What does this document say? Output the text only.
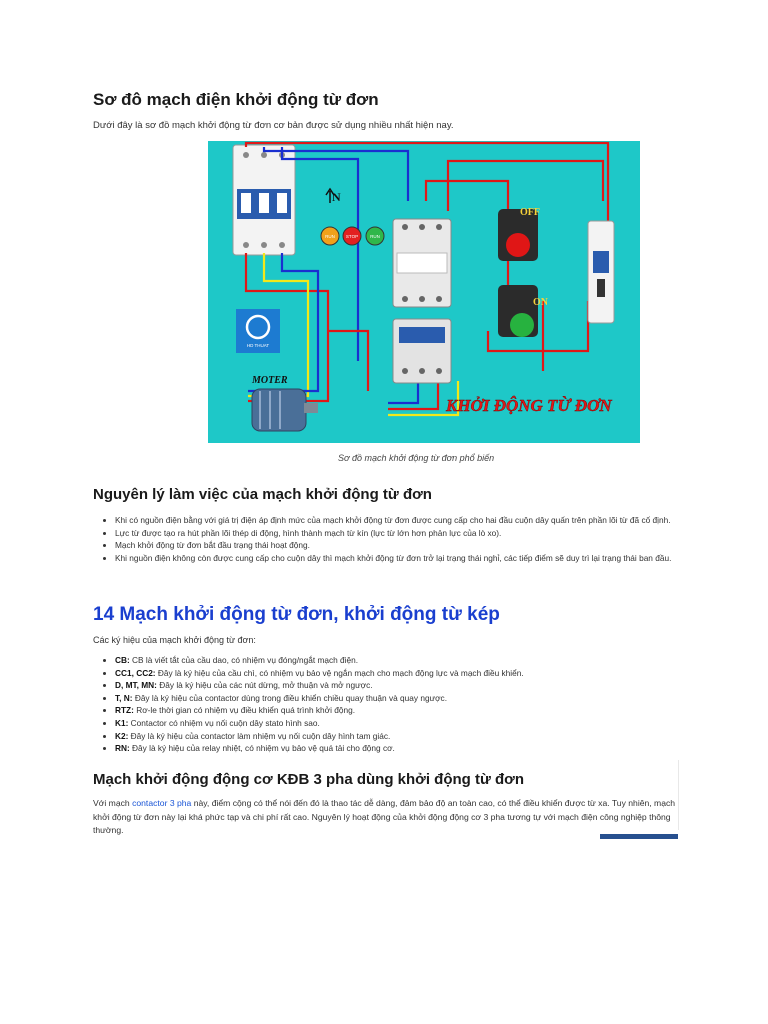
Sơ đô mạch điện khởi động từ đơn
Dưới đây là sơ đồ mạch khởi động từ đơn cơ bản được sử dụng nhiều nhất hiện nay.
N
RUN STOP	RUN
OFF
ON
HD THUAT
MOTER
KHỞI ĐỘNG TỪ ĐƠN
Sơ đồ mạch khởi động từ đơn phổ biến
Nguyên lý làm việc của mạch khởi động từ đơn
• Khi có nguồn điện bằng với giá trị điện áp định mức của mạch khởi động từ đơn được cung cấp cho hai đầu cuộn dây quấn trên phần lõi từ đã cố định.
• Lực từ được tạo ra hút phần lõi thép di động, hình thành mạch từ kín (lực từ lớn hơn phản lực của lò xo).
• Mạch khởi động từ đơn bắt đầu trạng thái hoạt động.
• Khi nguồn điện không còn được cung cấp cho cuộn dây thì mạch khởi động từ đơn trở lại trạng thái nghỉ, các tiếp điểm sẽ duy trì lại trạng thái ban đầu.
14 Mạch khởi động từ đơn, khởi động từ kép
Các ký hiệu của mạch khởi động từ đơn:
• CB: CB là viết tắt của cầu dao, có nhiệm vụ đóng/ngắt mạch điện.
• CC1, CC2: Đây là ký hiệu của cầu chì, có nhiệm vụ bảo vệ ngắn mạch cho mạch động lực và mạch điều khiển.
• D, MT, MN: Đây là ký hiệu của các nút dừng, mở thuận và mở ngược.
• T, N: Đây là ký hiệu của contactor dùng trong điều khiển chiều quay thuận và quay ngược.
• RTZ: Rơ-le thời gian có nhiệm vụ điều khiển quá trình khởi động.
• K1: Contactor có nhiệm vụ nối cuộn dây stato hình sao.
• K2: Đây là ký hiệu của contactor làm nhiệm vụ nối cuộn dây hình tam giác.
• RN: Đây là ký hiệu của relay nhiệt, có nhiệm vụ bảo vệ quá tải cho động cơ.
Mạch khởi động động cơ KĐB 3 pha dùng khởi động từ đơn
Với mạch contactor 3 pha này, điểm cộng có thể nói đến đó là thao tác dễ dàng, đảm bảo độ an toàn cao, có thể điều khiển được từ xa. Tuy nhiên, mạch khởi động từ đơn này lại khá phức tạp và chi phí rất cao. Nguyên lý hoạt động của khởi động động cơ 3 pha tương tự với mạch điện công nghiệp thông thường.
